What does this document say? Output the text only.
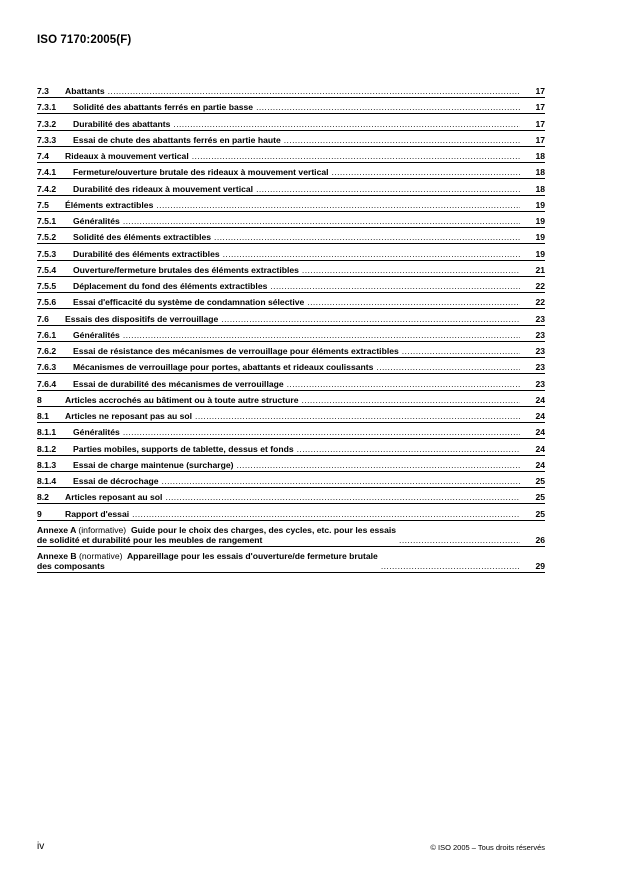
ISO 7170:2005(F)
7.3	Abattants .....	17
7.3.1	Solidité des abattants ferrés en partie basse .....	17
7.3.2	Durabilité des abattants .....	17
7.3.3	Essai de chute des abattants ferrés en partie haute .....	17
7.4	Rideaux à mouvement vertical .....	18
7.4.1	Fermeture/ouverture brutale des rideaux à mouvement vertical .....	18
7.4.2	Durabilité des rideaux à mouvement vertical .....	18
7.5	Éléments extractibles .....	19
7.5.1	Généralités .....	19
7.5.2	Solidité des éléments extractibles .....	19
7.5.3	Durabilité des éléments extractibles .....	19
7.5.4	Ouverture/fermeture brutales des éléments extractibles .....	21
7.5.5	Déplacement du fond des éléments extractibles .....	22
7.5.6	Essai d'efficacité du système de condamnation sélective .....	22
7.6	Essais des dispositifs de verrouillage .....	23
7.6.1	Généralités .....	23
7.6.2	Essai de résistance des mécanismes de verrouillage pour éléments extractibles .....	23
7.6.3	Mécanismes de verrouillage pour portes, abattants et rideaux coulissants .....	23
7.6.4	Essai de durabilité des mécanismes de verrouillage .....	23
8	Articles accrochés au bâtiment ou à toute autre structure .....	24
8.1	Articles ne reposant pas au sol .....	24
8.1.1	Généralités .....	24
8.1.2	Parties mobiles, supports de tablette, dessus et fonds .....	24
8.1.3	Essai de charge maintenue (surcharge) .....	24
8.1.4	Essai de décrochage .....	25
8.2	Articles reposant au sol .....	25
9	Rapport d'essai .....	25
Annexe A (informative) Guide pour le choix des charges, des cycles, etc. pour les essais
de solidité et durabilité pour les meubles de rangement .....	26
Annexe B (normative) Appareillage pour les essais d'ouverture/de fermeture brutale
des composants .....	29
iv	© ISO 2005 – Tous droits réservés
